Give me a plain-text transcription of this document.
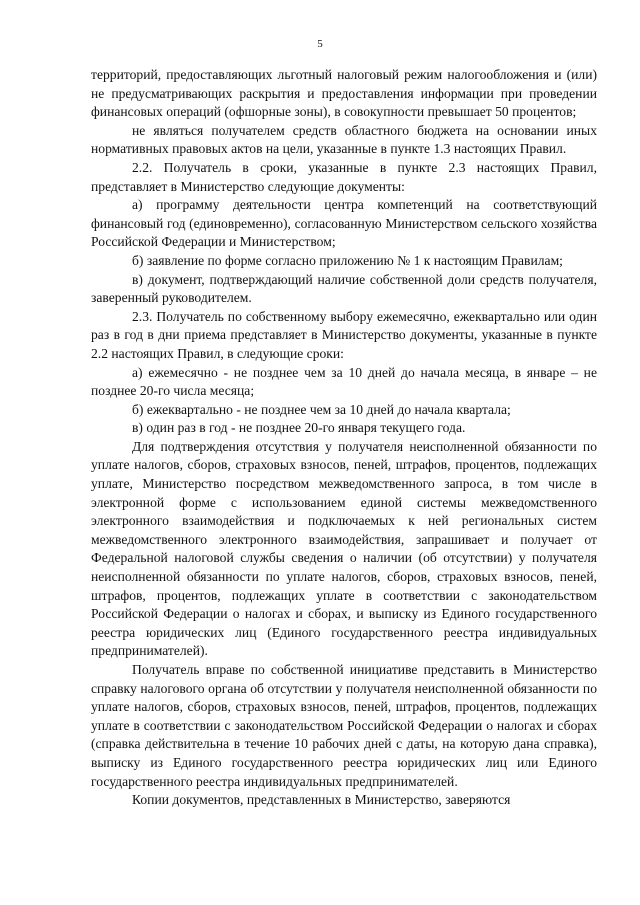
5

территорий, предоставляющих льготный налоговый режим налогообложения и (или) не предусматривающих раскрытия и предоставления информации при проведении финансовых операций (офшорные зоны), в совокупности превышает 50 процентов;

не являться получателем средств областного бюджета на основании иных нормативных правовых актов на цели, указанные в пункте 1.3 настоящих Правил.

2.2. Получатель в сроки, указанные в пункте 2.3 настоящих Правил, представляет в Министерство следующие документы:

а) программу деятельности центра компетенций на соответствующий финансовый год (единовременно), согласованную Министерством сельского хозяйства Российской Федерации и Министерством;

б) заявление по форме согласно приложению № 1 к настоящим Правилам;

в) документ, подтверждающий наличие собственной доли средств получателя, заверенный руководителем.

2.3. Получатель по собственному выбору ежемесячно, ежеквартально или один раз в год в дни приема представляет в Министерство документы, указанные в пункте 2.2 настоящих Правил, в следующие сроки:

а) ежемесячно - не позднее чем за 10 дней до начала месяца, в январе – не позднее 20-го числа месяца;

б) ежеквартально - не позднее чем за 10 дней до начала квартала;

в) один раз в год - не позднее 20-го января текущего года.

Для подтверждения отсутствия у получателя неисполненной обязанности по уплате налогов, сборов, страховых взносов, пеней, штрафов, процентов, подлежащих уплате, Министерство посредством межведомственного запроса, в том числе в электронной форме с использованием единой системы межведомственного электронного взаимодействия и подключаемых к ней региональных систем межведомственного электронного взаимодействия, запрашивает и получает от Федеральной налоговой службы сведения о наличии (об отсутствии) у получателя неисполненной обязанности по уплате налогов, сборов, страховых взносов, пеней, штрафов, процентов, подлежащих уплате в соответствии с законодательством Российской Федерации о налогах и сборах, и выписку из Единого государственного реестра юридических лиц (Единого государственного реестра индивидуальных предпринимателей).

Получатель вправе по собственной инициативе представить в Министерство справку налогового органа об отсутствии у получателя неисполненной обязанности по уплате налогов, сборов, страховых взносов, пеней, штрафов, процентов, подлежащих уплате в соответствии с законодательством Российской Федерации о налогах и сборах (справка действительна в течение 10 рабочих дней с даты, на которую дана справка), выписку из Единого государственного реестра юридических лиц или Единого государственного реестра индивидуальных предпринимателей.

Копии документов, представленных в Министерство, заверяются
